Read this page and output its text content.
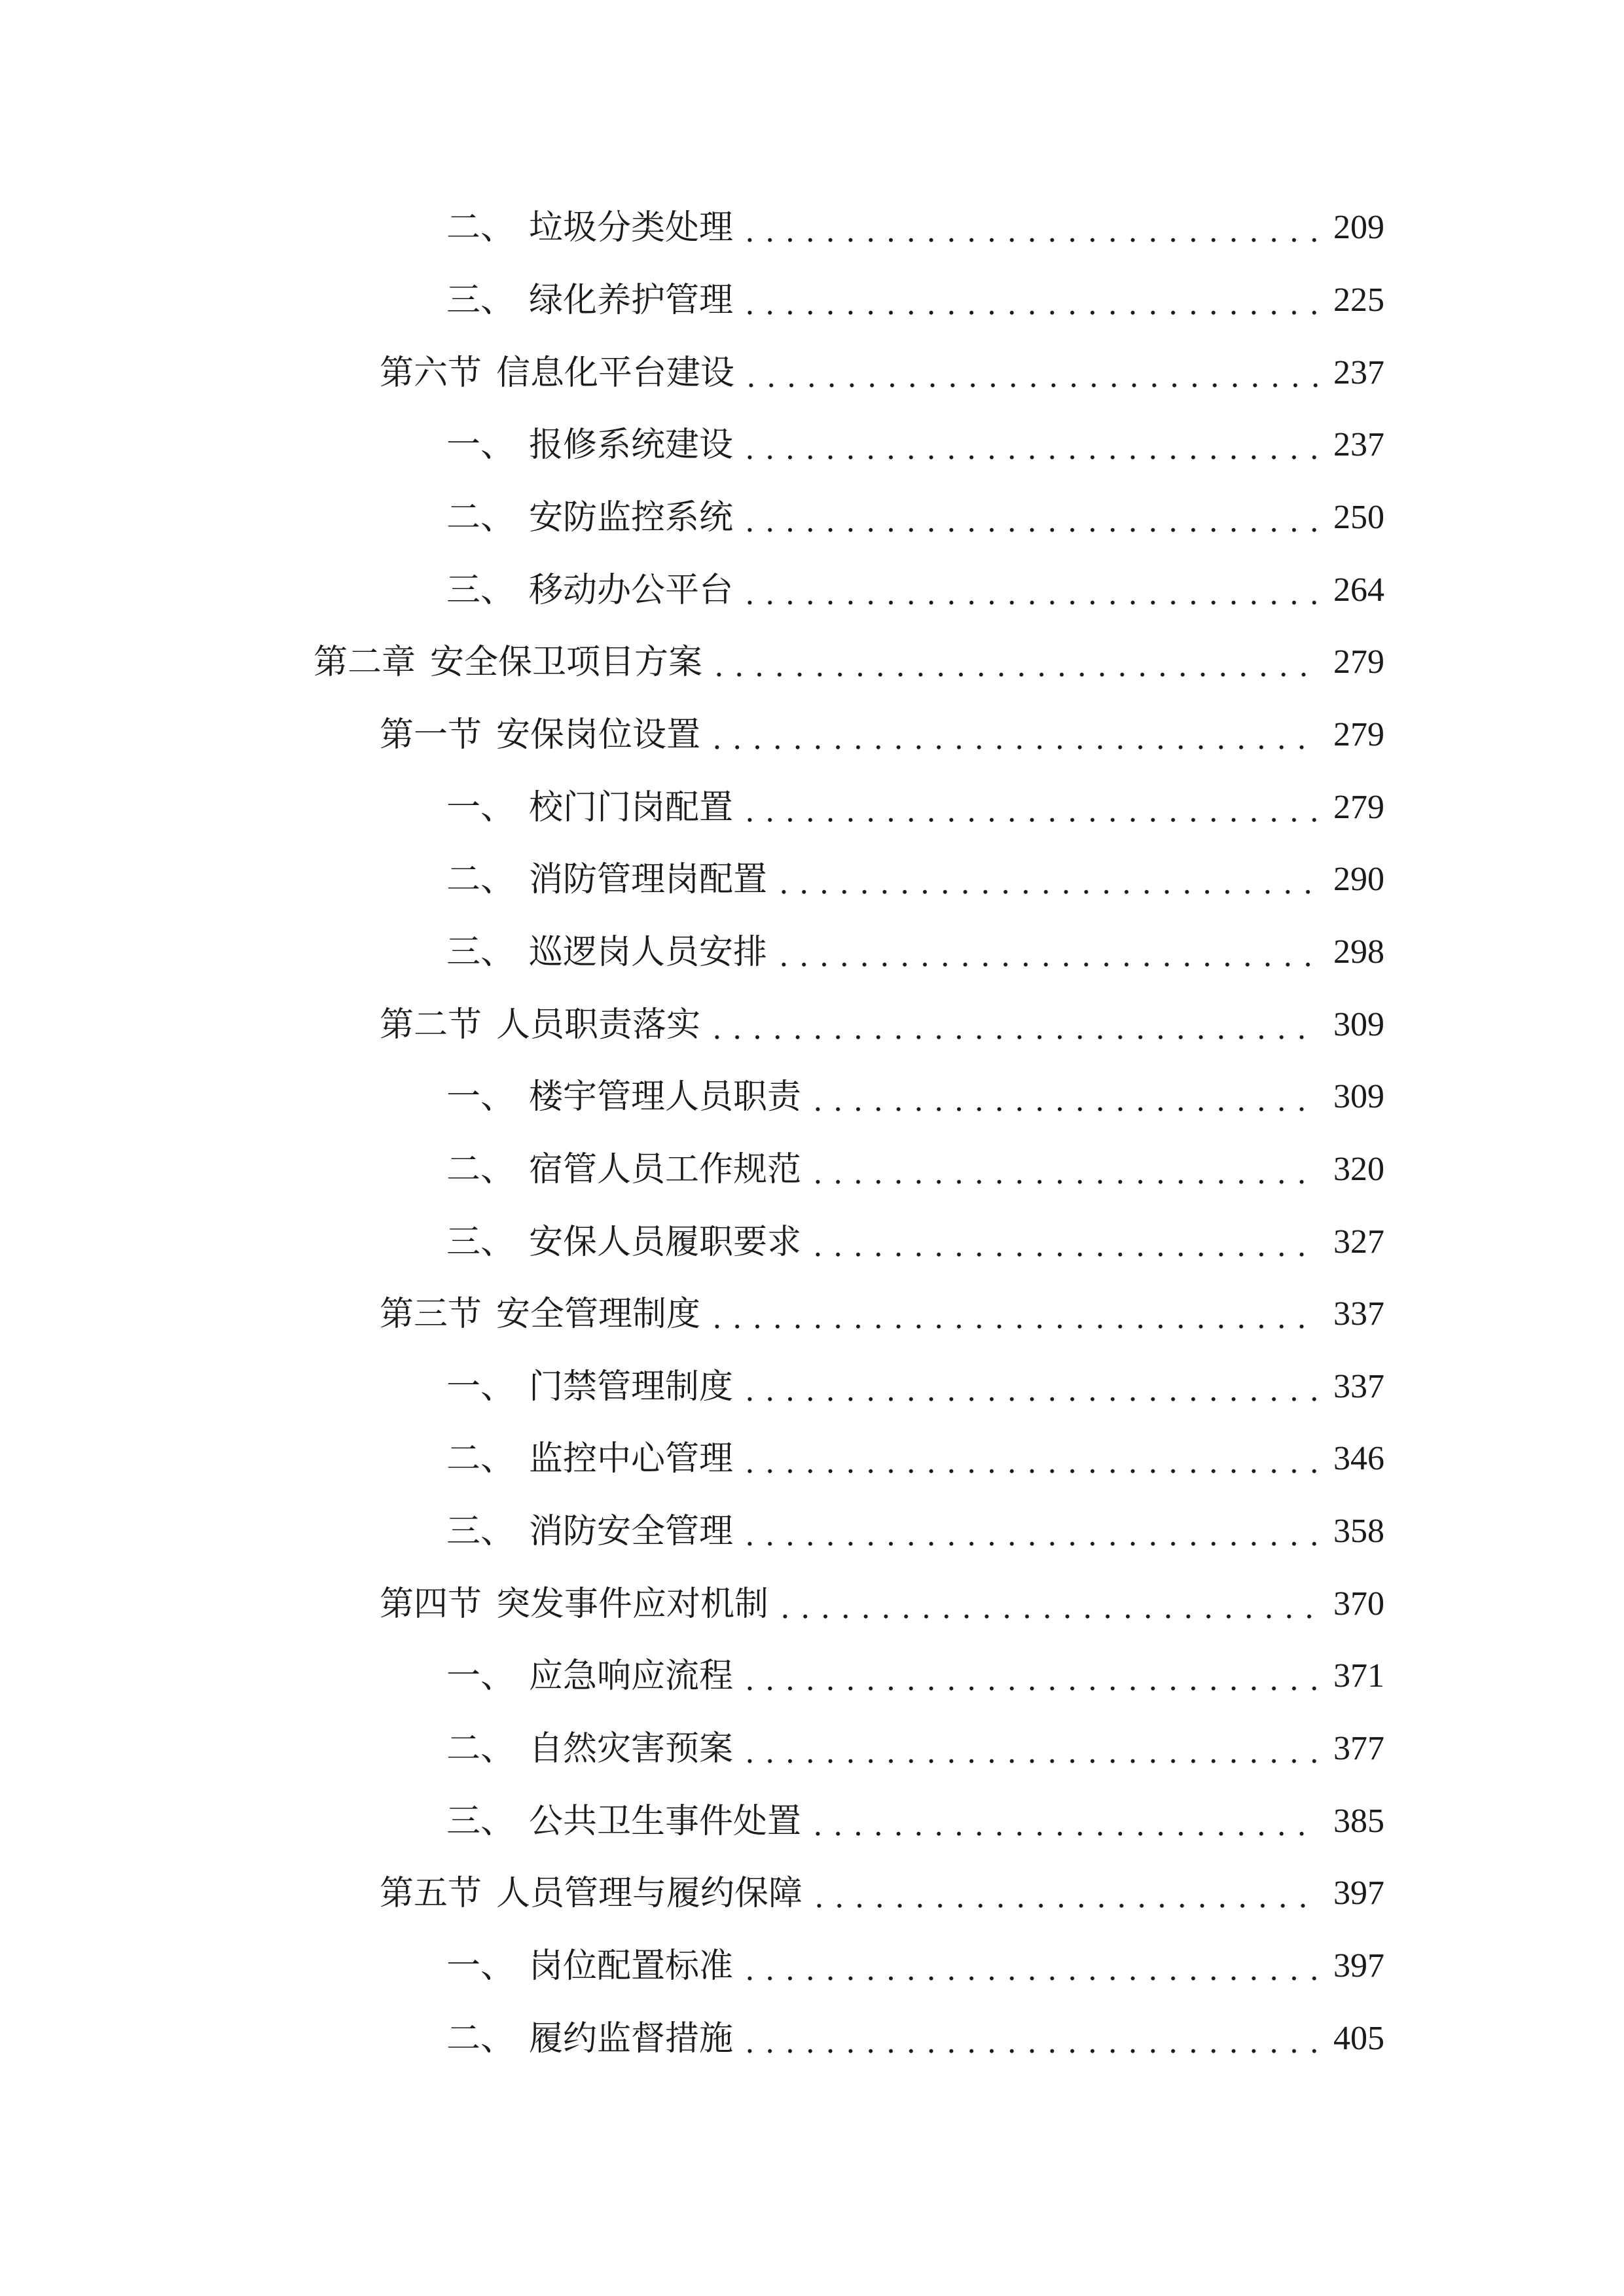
二、 垃圾分类处理	209
三、 绿化养护管理	225
第六节 信息化平台建设	237
一、 报修系统建设	237
二、 安防监控系统	250
三、 移动办公平台	264
第二章 安全保卫项目方案	279
第一节 安保岗位设置	279
一、 校门门岗配置	279
二、 消防管理岗配置	290
三、 巡逻岗人员安排	298
第二节 人员职责落实	309
一、 楼宇管理人员职责	309
二、 宿管人员工作规范	320
三、 安保人员履职要求	327
第三节 安全管理制度	337
一、 门禁管理制度	337
二、 监控中心管理	346
三、 消防安全管理	358
第四节 突发事件应对机制	370
一、 应急响应流程	371
二、 自然灾害预案	377
三、 公共卫生事件处置	385
第五节 人员管理与履约保障	397
一、 岗位配置标准	397
二、 履约监督措施	405
